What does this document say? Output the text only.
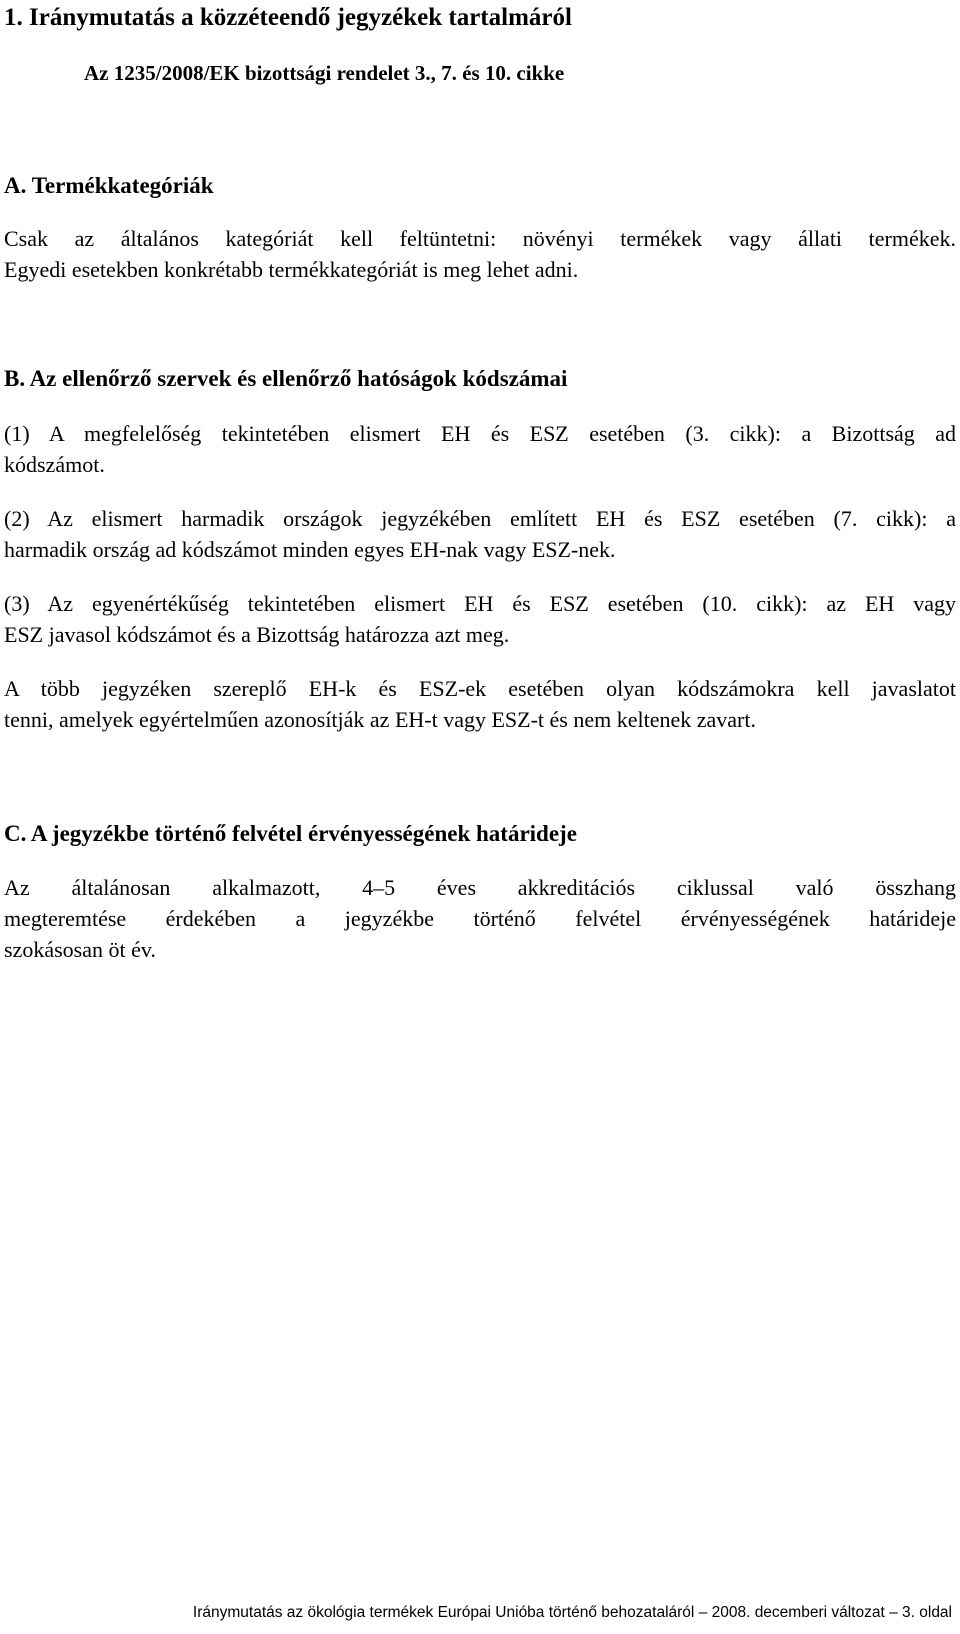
1. Iránymutatás a közzéteendő jegyzékek tartalmáról
Az 1235/2008/EK bizottsági rendelet 3., 7. és 10. cikke
A. Termékkategóriák
Csak az általános kategóriát kell feltüntetni: növényi termékek vagy állati termékek.
Egyedi esetekben konkrétabb termékkategóriát is meg lehet adni.
B. Az ellenőrző szervek és ellenőrző hatóságok kódszámai
(1) A megfelelőség tekintetében elismert EH és ESZ esetében (3. cikk): a Bizottság ad
kódszámot.
(2) Az elismert harmadik országok jegyzékében említett EH és ESZ esetében (7. cikk): a
harmadik ország ad kódszámot minden egyes EH-nak vagy ESZ-nek.
(3) Az egyenértékűség tekintetében elismert EH és ESZ esetében (10. cikk): az EH vagy
ESZ javasol kódszámot és a Bizottság határozza azt meg.
A több jegyzéken szereplő EH-k és ESZ-ek esetében olyan kódszámokra kell javaslatot
tenni, amelyek egyértelműen azonosítják az EH-t vagy ESZ-t és nem keltenek zavart.
C. A jegyzékbe történő felvétel érvényességének határideje
Az általánosan alkalmazott, 4–5 éves akkreditációs ciklussal való összhang
megteremtése érdekében a jegyzékbe történő felvétel érvényességének határideje
szokásosan öt év.
Iránymutatás az ökológia termékek Európai Unióba történő behozataláról – 2008. decemberi változat – 3. oldal
